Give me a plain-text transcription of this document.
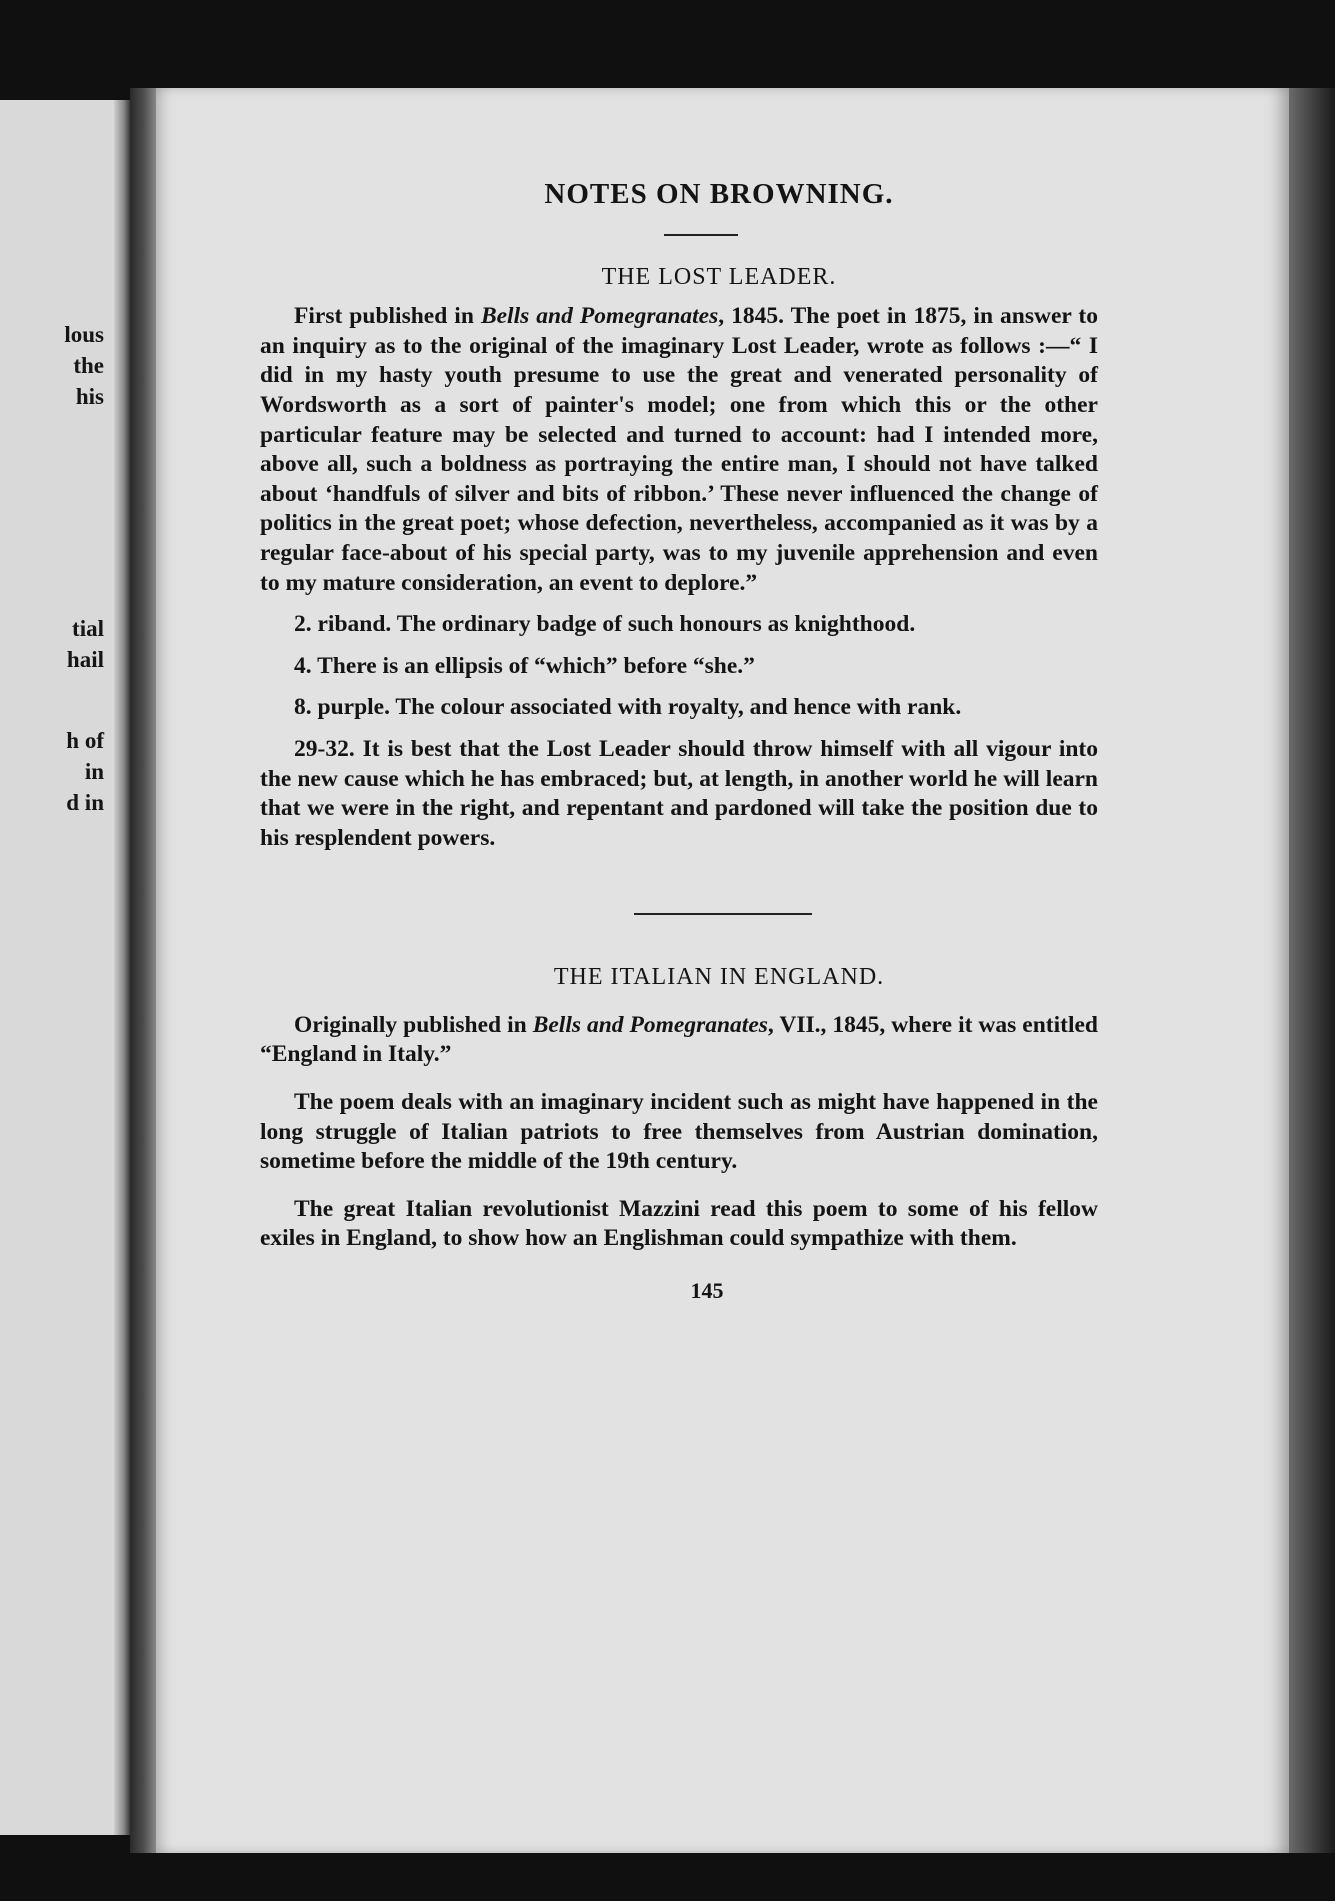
lous
the
his
tial
hail
h of
in
d in
NOTES ON BROWNING.
THE LOST LEADER.

First published in Bells and Pomegranates, 1845. The poet in 1875, in answer to an inquiry as to the original of the imaginary Lost Leader, wrote as follows :—“ I did in my hasty youth presume to use the great and venerated personality of Wordsworth as a sort of painter's model; one from which this or the other particular feature may be selected and turned to account: had I intended more, above all, such a boldness as portraying the entire man, I should not have talked about ‘handfuls of silver and bits of ribbon.’ These never influenced the change of politics in the great poet; whose defection, nevertheless, accompanied as it was by a regular face-about of his special party, was to my juvenile apprehension and even to my mature consideration, an event to deplore.”

2. riband. The ordinary badge of such honours as knighthood.

4. There is an ellipsis of “which” before “she.”

8. purple. The colour associated with royalty, and hence with rank.

29-32. It is best that the Lost Leader should throw himself with all vigour into the new cause which he has embraced; but, at length, in another world he will learn that we were in the right, and repentant and pardoned will take the position due to his resplendent powers.

THE ITALIAN IN ENGLAND.

Originally published in Bells and Pomegranates, VII., 1845, where it was entitled “England in Italy.”

The poem deals with an imaginary incident such as might have happened in the long struggle of Italian patriots to free themselves from Austrian domination, sometime before the middle of the 19th century.

The great Italian revolutionist Mazzini read this poem to some of his fellow exiles in England, to show how an Englishman could sympathize with them.

145
